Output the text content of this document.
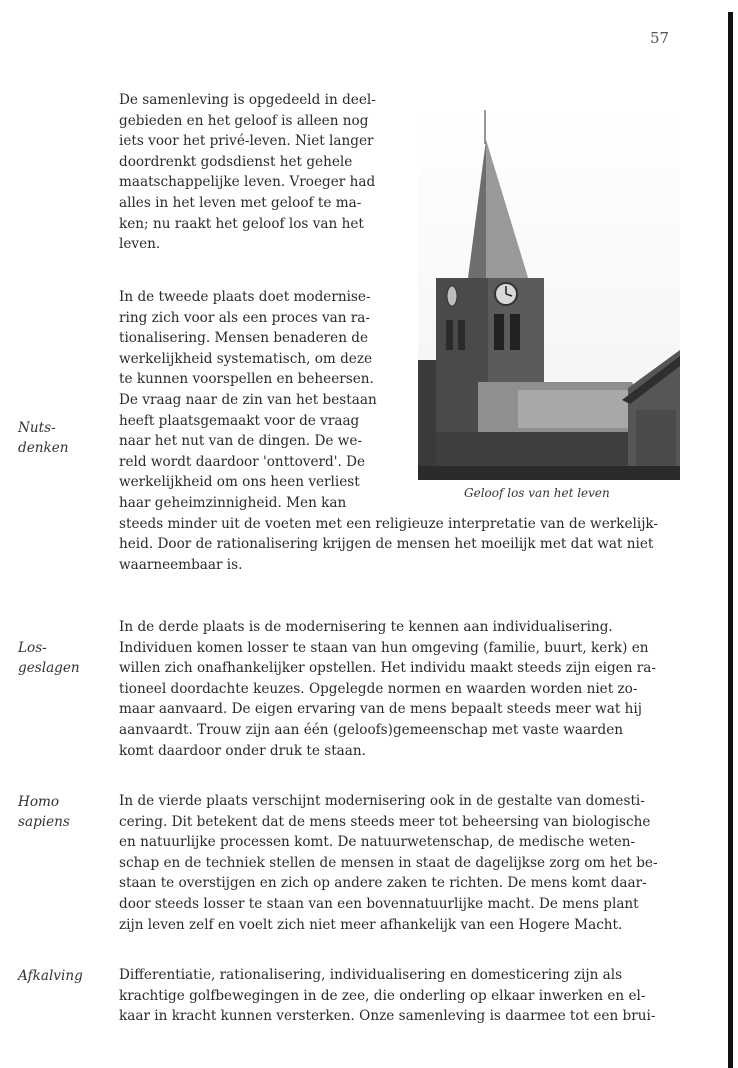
57
Geloof los van het leven
De samenleving is opgedeeld in deel-
gebieden en het geloof is alleen nog
iets voor het privé-leven. Niet langer
doordrenkt godsdienst het gehele
maatschappelijke leven. Vroeger had
alles in het leven met geloof te ma-
ken; nu raakt het geloof los van het
leven.
In de tweede plaats doet modernise-
ring zich voor als een proces van ra-
tionalisering. Mensen benaderen de
werkelijkheid systematisch, om deze
te kunnen voorspellen en beheersen.
De vraag naar de zin van het bestaan
heeft plaatsgemaakt voor de vraag
naar het nut van de dingen. De we-
reld wordt daardoor 'onttoverd'. De
werkelijkheid om ons heen verliest
haar geheimzinnigheid. Men kan
steeds minder uit de voeten met een religieuze interpretatie van de werkelijk-
heid. Door de rationalisering krijgen de mensen het moeilijk met dat wat niet
waarneembaar is.
In de derde plaats is de modernisering te kennen aan individualisering.
Individuen komen losser te staan van hun omgeving (familie, buurt, kerk) en
willen zich onafhankelijker opstellen. Het individu maakt steeds zijn eigen ra-
tioneel doordachte keuzes. Opgelegde normen en waarden worden niet zo-
maar aanvaard. De eigen ervaring van de mens bepaalt steeds meer wat hij
aanvaardt. Trouw zijn aan één (geloofs)gemeenschap met vaste waarden
komt daardoor onder druk te staan.
In de vierde plaats verschijnt modernisering ook in de gestalte van domesti-
cering. Dit betekent dat de mens steeds meer tot beheersing van biologische
en natuurlijke processen komt. De natuurwetenschap, de medische weten-
schap en de techniek stellen de mensen in staat de dagelijkse zorg om het be-
staan te overstijgen en zich op andere zaken te richten. De mens komt daar-
door steeds losser te staan van een bovennatuurlijke macht. De mens plant
zijn leven zelf en voelt zich niet meer afhankelijk van een Hogere Macht.
Differentiatie, rationalisering, individualisering en domesticering zijn als
krachtige golfbewegingen in de zee, die onderling op elkaar inwerken en el-
kaar in kracht kunnen versterken. Onze samenleving is daarmee tot een brui-
Nuts-
denken
Los-
geslagen
Homo
sapiens
Afkalving
